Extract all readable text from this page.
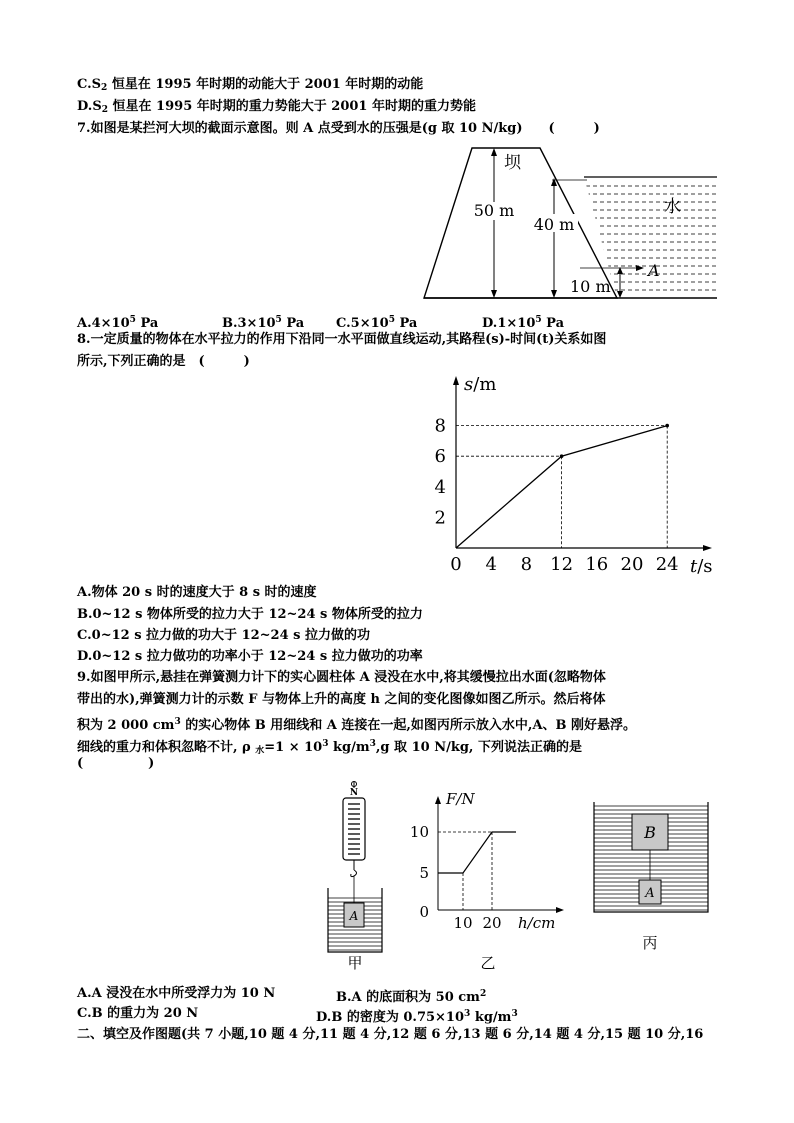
$C.S_2$ 恒星在 1995 年时期的动能大于 2001 年时期的动能
$D.S_2$ 恒星在 1995 年时期的重力势能大于 2001 年时期的重力势能
7.如图是某拦河大坝的截面示意图。则 A 点受到水的压强是(g 取 10 N/kg)　　(　　　)
50 m
坝
40 m
水
A
10 m
$A.4\times 10^5$ Pa	$B.3\times 10^5$ Pa $C.5\times 10^5$ Pa	$D.1\times 10^5$ Pa
8.一定质量的物体在水平拉力的作用下沿同一水平面做直线运动,其路程(s)-时间(t)关系如图
所示,下列正确的是　(　　　)
s/m
t/s
0 4 8 12 16 20 24
2
4
6
8
A.物体 20 s 时的速度大于 8 s 时的速度
B.0~12 s 物体所受的拉力大于 12~24 s 物体所受的拉力
C.0~12 s 拉力做的功大于 12~24 s 拉力做的功
D.0~12 s 拉力做功的功率小于 12~24 s 拉力做功的功率
9.如图甲所示,悬挂在弹簧测力计下的实心圆柱体 A 浸没在水中,将其缓慢拉出水面(忽略物体
带出的水),弹簧测力计的示数 F 与物体上升的高度 h 之间的变化图像如图乙所示。然后将体
积为 2 000 $cm^3$ 的实心物体 B 用细线和 A 连接在一起,如图丙所示放入水中,A、B 刚好悬浮。
细线的重力和体积忽略不计, ρ $_水=1 \times 10^3$ $kg/m^3,g$ 取 10 N/kg, 下列说法正确的是
(　　　　　)
N
A
甲
F/N
h/cm
0
5
10
10 20
乙
B
A
丙
A.A 浸没在水中所受浮力为 10 N	B.A 的底面积为 50 $cm^2$
C.B 的重力为 20 N	D.B 的密度为 $0.75\times 10^3$ $kg/m^3$
二、填空及作图题(共 7 小题,10 题 4 分,11 题 4 分,12 题 6 分,13 题 6 分,14 题 4 分,15 题 10 分,16
